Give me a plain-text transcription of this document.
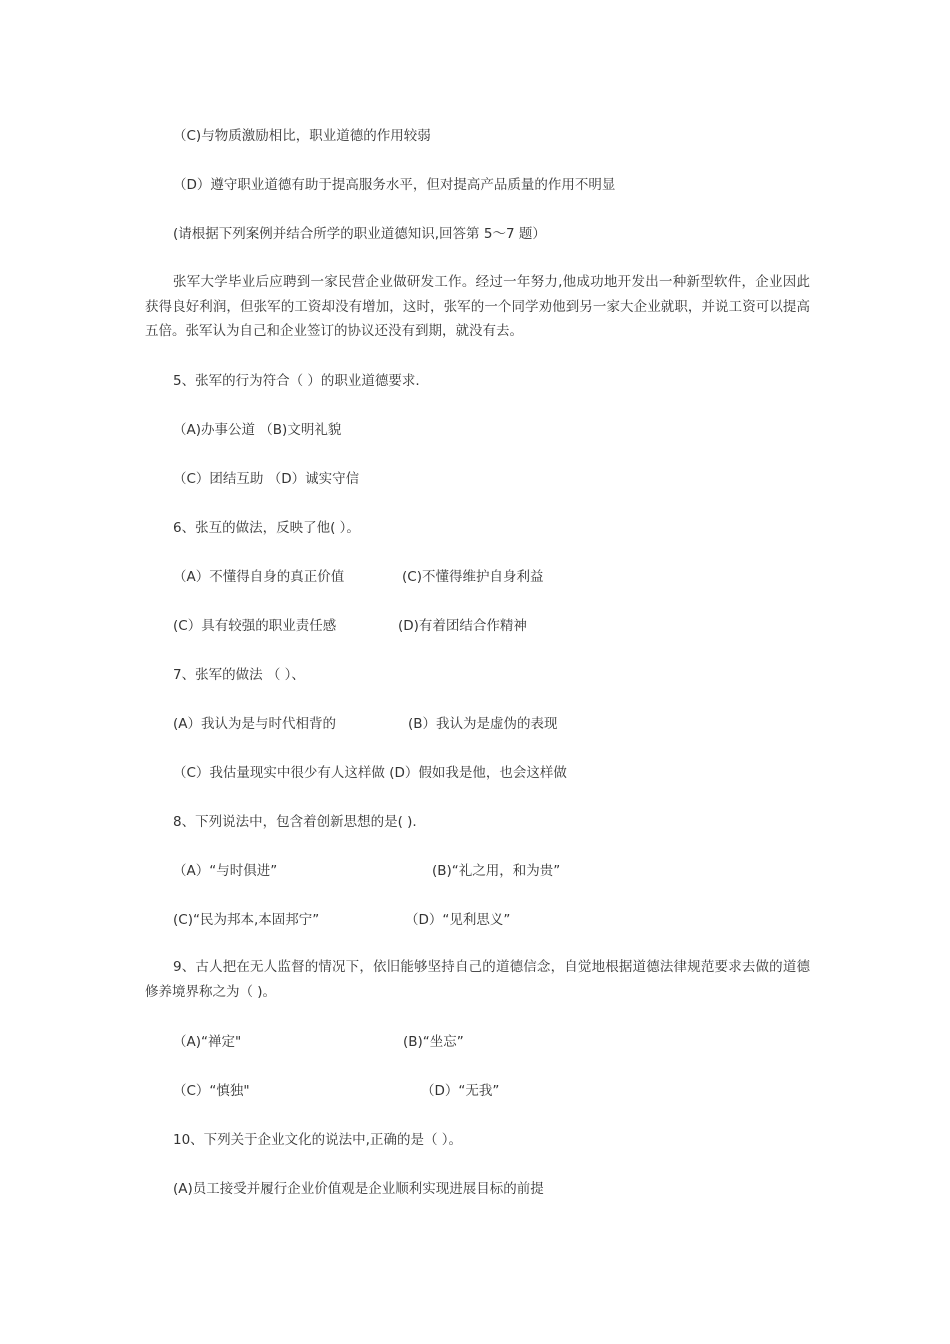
（C)与物质激励相比，职业道德的作用较弱
（D）遵守职业道德有助于提高服务水平，但对提高产品质量的作用不明显
(请根据下列案例并结合所学的职业道德知识,回答第 5～7 题）
张军大学毕业后应聘到一家民营企业做研发工作。经过一年努力,他成功地开发出一种新型软件，企业因此获得良好利润，但张军的工资却没有增加，这时，张军的一个同学劝他到另一家大企业就职，并说工资可以提高五倍。张军认为自己和企业签订的协议还没有到期，就没有去。
5、张军的行为符合（ ）的职业道德要求.
（A)办事公道 （B)文明礼貌
（C）团结互助 （D）诚实守信
6、张互的做法，反映了他( ）。
（A）不懂得自身的真正价值	(C)不懂得维护自身利益
(C）具有较强的职业责任感	(D)有着团结合作精神
7、张军的做法 （ ）、
(A）我认为是与时代相背的	(B）我认为是虚伪的表现
（C）我估量现实中很少有人这样做 (D）假如我是他，也会这样做
8、下列说法中，包含着创新思想的是( ).
（A）“与时俱进”	(B)“礼之用，和为贵”
(C)“民为邦本,本固邦宁”	（D）“见利思义”
9、古人把在无人监督的情况下，依旧能够坚持自己的道德信念，自觉地根据道德法律规范要求去做的道德修养境界称之为（ )。
（A)“禅定"	(B)“坐忘”
（C）“慎独"	（D）“无我”
10、下列关于企业文化的说法中,正确的是（ ）。
(A)员工接受并履行企业价值观是企业顺利实现进展目标的前提
